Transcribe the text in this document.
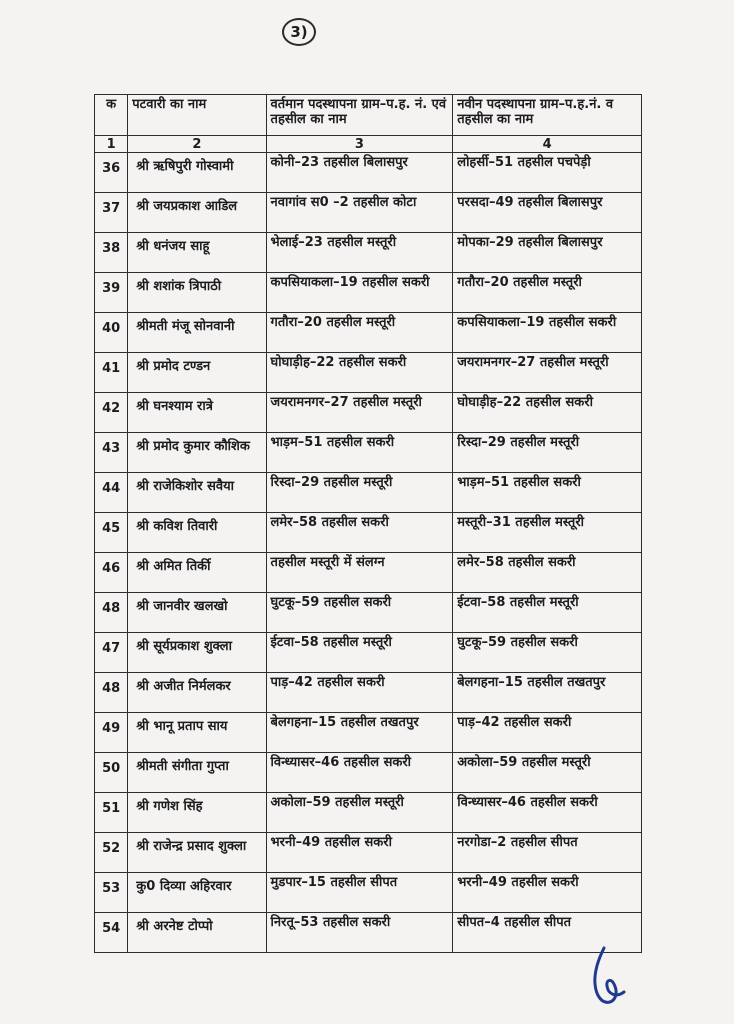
3)
क	पटवारी का नाम	वर्तमान पदस्थापना ग्राम–प.ह. नं. एवं तहसील का नाम	नवीन पदस्थापना ग्राम–प.ह.नं. व तहसील का नाम
1	2	3	4
36	श्री ऋषिपुरी गोस्वामी	कोनी–23 तहसील बिलासपुर	लोहर्सी–51 तहसील पचपेड़ी
37	श्री जयप्रकाश आडिल	नवागांव स0 –2 तहसील कोटा	परसदा–49 तहसील बिलासपुर
38	श्री धनंजय साहू	भेलाई–23 तहसील मस्तूरी	मोपका–29 तहसील बिलासपुर
39	श्री शशांक त्रिपाठी	कपसियाकला–19 तहसील सकरी	गतौरा–20 तहसील मस्तूरी
40	श्रीमती मंजू सोनवानी	गतौरा–20 तहसील मस्तूरी	कपसियाकला–19 तहसील सकरी
41	श्री प्रमोद टण्डन	घोघाड़ीह–22 तहसील सकरी	जयरामनगर–27 तहसील मस्तूरी
42	श्री घनश्याम रात्रे	जयरामनगर–27 तहसील मस्तूरी	घोघाड़ीह–22 तहसील सकरी
43	श्री प्रमोद कुमार कौशिक	भाड़म–51 तहसील सकरी	रिस्दा–29 तहसील मस्तूरी
44	श्री राजेकिशोर सवैया	रिस्दा–29 तहसील मस्तूरी	भाड़म–51 तहसील सकरी
45	श्री कविश तिवारी	लमेर–58 तहसील सकरी	मस्तूरी–31 तहसील मस्तूरी
46	श्री अमित तिर्की	तहसील मस्तूरी में संलग्न	लमेर–58 तहसील सकरी
48	श्री जानवीर खलखो	घुटकू–59 तहसील सकरी	ईटवा–58 तहसील मस्तूरी
47	श्री सूर्यप्रकाश शुक्ला	ईटवा–58 तहसील मस्तूरी	घुटकू–59 तहसील सकरी
48	श्री अजीत निर्मलकर	पाड़–42 तहसील सकरी	बेलगहना–15 तहसील तखतपुर
49	श्री भानू प्रताप साय	बेलगहना–15 तहसील तखतपुर	पाड़–42 तहसील सकरी
50	श्रीमती संगीता गुप्ता	विन्ध्यासर–46 तहसील सकरी	अकोला–59 तहसील मस्तूरी
51	श्री गणेश सिंह	अकोला–59 तहसील मस्तूरी	विन्ध्यासर–46 तहसील सकरी
52	श्री राजेन्द्र प्रसाद शुक्ला	भरनी–49 तहसील सकरी	नरगोडा–2 तहसील सीपत
53	कु0 दिव्या अहिरवार	मुडपार–15 तहसील सीपत	भरनी–49 तहसील सकरी
54	श्री अरनेष्ट टोप्पो	निरतू–53 तहसील सकरी	सीपत–4 तहसील सीपत
